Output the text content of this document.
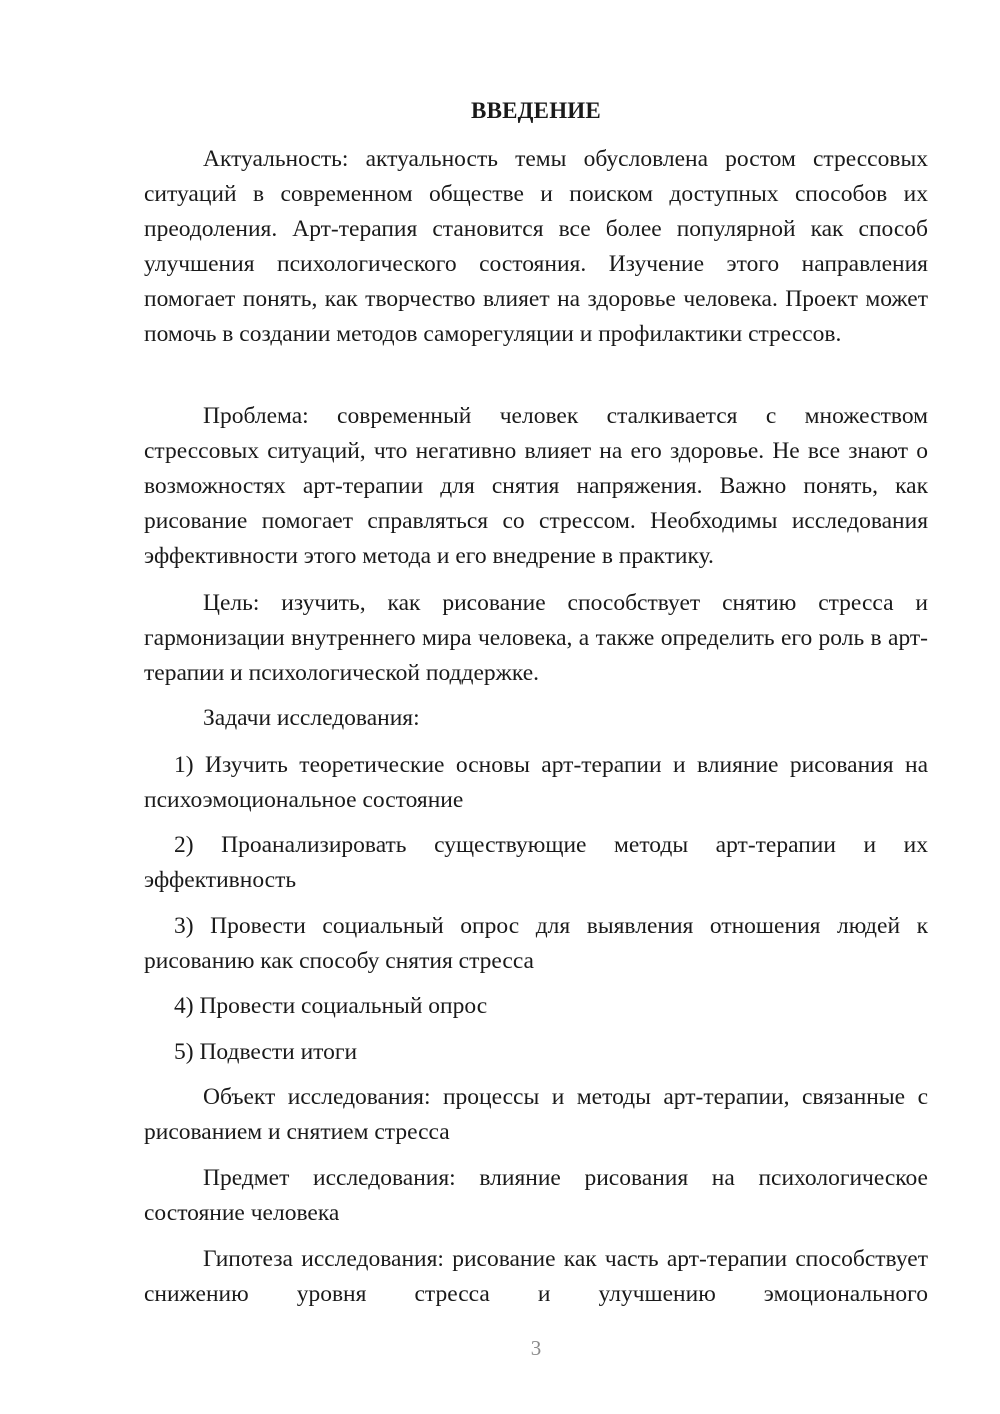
ВВЕДЕНИЕ

Актуальность: актуальность темы обусловлена ростом стрессовых ситуаций в современном обществе и поиском доступных способов их преодоления. Арт-терапия становится все более популярной как способ улучшения психологического состояния. Изучение этого направления помогает понять, как творчество влияет на здоровье человека. Проект может помочь в создании методов саморегуляции и профилактики стрессов.

Проблема: современный человек сталкивается с множеством стрессовых ситуаций, что негативно влияет на его здоровье. Не все знают о возможностях арт-терапии для снятия напряжения. Важно понять, как рисование помогает справляться со стрессом. Необходимы исследования эффективности этого метода и его внедрение в практику.

Цель: изучить, как рисование способствует снятию стресса и гармонизации внутреннего мира человека, а также определить его роль в арт-терапии и психологической поддержке.

Задачи исследования:

1) Изучить теоретические основы арт-терапии и влияние рисования на психоэмоциональное состояние

2) Проанализировать существующие методы арт-терапии и их эффективность

3) Провести социальный опрос для выявления отношения людей к рисованию как способу снятия стресса

4) Провести социальный опрос

5) Подвести итоги

Объект исследования: процессы и методы арт-терапии, связанные с рисованием и снятием стресса

Предмет исследования: влияние рисования на психологическое состояние человека

Гипотеза исследования: рисование как часть арт-терапии способствует снижению уровня стресса и улучшению эмоционального

3
